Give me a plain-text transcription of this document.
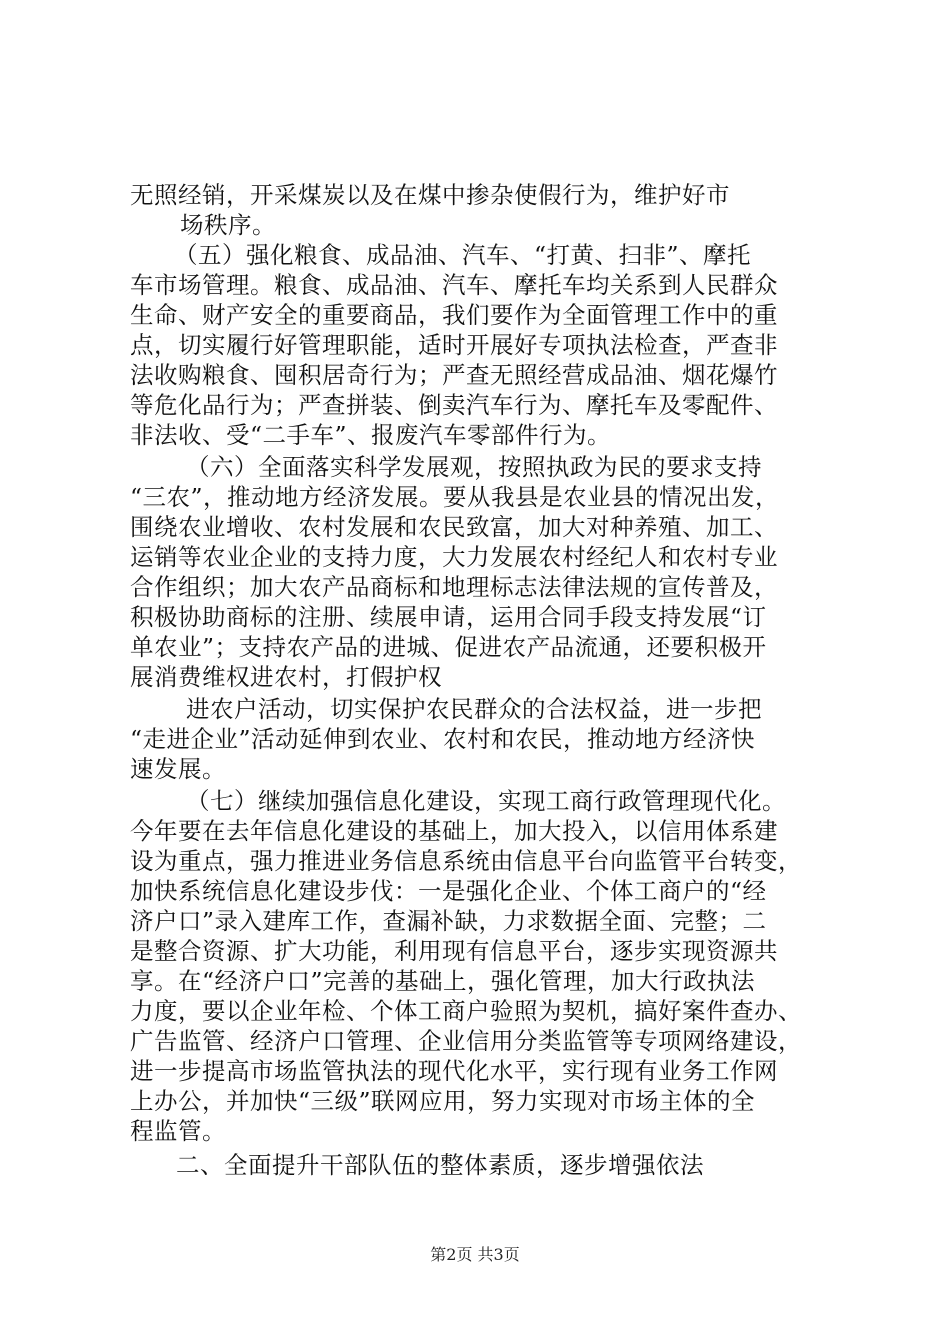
无照经销，开采煤炭以及在煤中掺杂使假行为，维护好市
场秩序。
（五）强化粮食、成品油、汽车、“打黄、扫非”、摩托
车市场管理。粮食、成品油、汽车、摩托车均关系到人民群众
生命、财产安全的重要商品，我们要作为全面管理工作中的重
点，切实履行好管理职能，适时开展好专项执法检查，严查非
法收购粮食、囤积居奇行为；严查无照经营成品油、烟花爆竹
等危化品行为；严查拼装、倒卖汽车行为、摩托车及零配件、
非法收、受“二手车”、报废汽车零部件行为。
（六）全面落实科学发展观，按照执政为民的要求支持
“三农”，推动地方经济发展。要从我县是农业县的情况出发，
围绕农业增收、农村发展和农民致富，加大对种养殖、加工、
运销等农业企业的支持力度，大力发展农村经纪人和农村专业
合作组织；加大农产品商标和地理标志法律法规的宣传普及，
积极协助商标的注册、续展申请，运用合同手段支持发展“订
单农业”；支持农产品的进城、促进农产品流通，还要积极开
展消费维权进农村，打假护权
进农户活动，切实保护农民群众的合法权益，进一步把
“走进企业”活动延伸到农业、农村和农民，推动地方经济快
速发展。
（七）继续加强信息化建设，实现工商行政管理现代化。
今年要在去年信息化建设的基础上，加大投入，以信用体系建
设为重点，强力推进业务信息系统由信息平台向监管平台转变，
加快系统信息化建设步伐：一是强化企业、个体工商户的“经
济户口”录入建库工作，查漏补缺，力求数据全面、完整；二
是整合资源、扩大功能，利用现有信息平台，逐步实现资源共
享。在“经济户口”完善的基础上，强化管理，加大行政执法
力度，要以企业年检、个体工商户验照为契机，搞好案件查办、
广告监管、经济户口管理、企业信用分类监管等专项网络建设，
进一步提高市场监管执法的现代化水平，实行现有业务工作网
上办公，并加快“三级”联网应用，努力实现对市场主体的全
程监管。
二、全面提升干部队伍的整体素质，逐步增强依法
第2页 共3页
